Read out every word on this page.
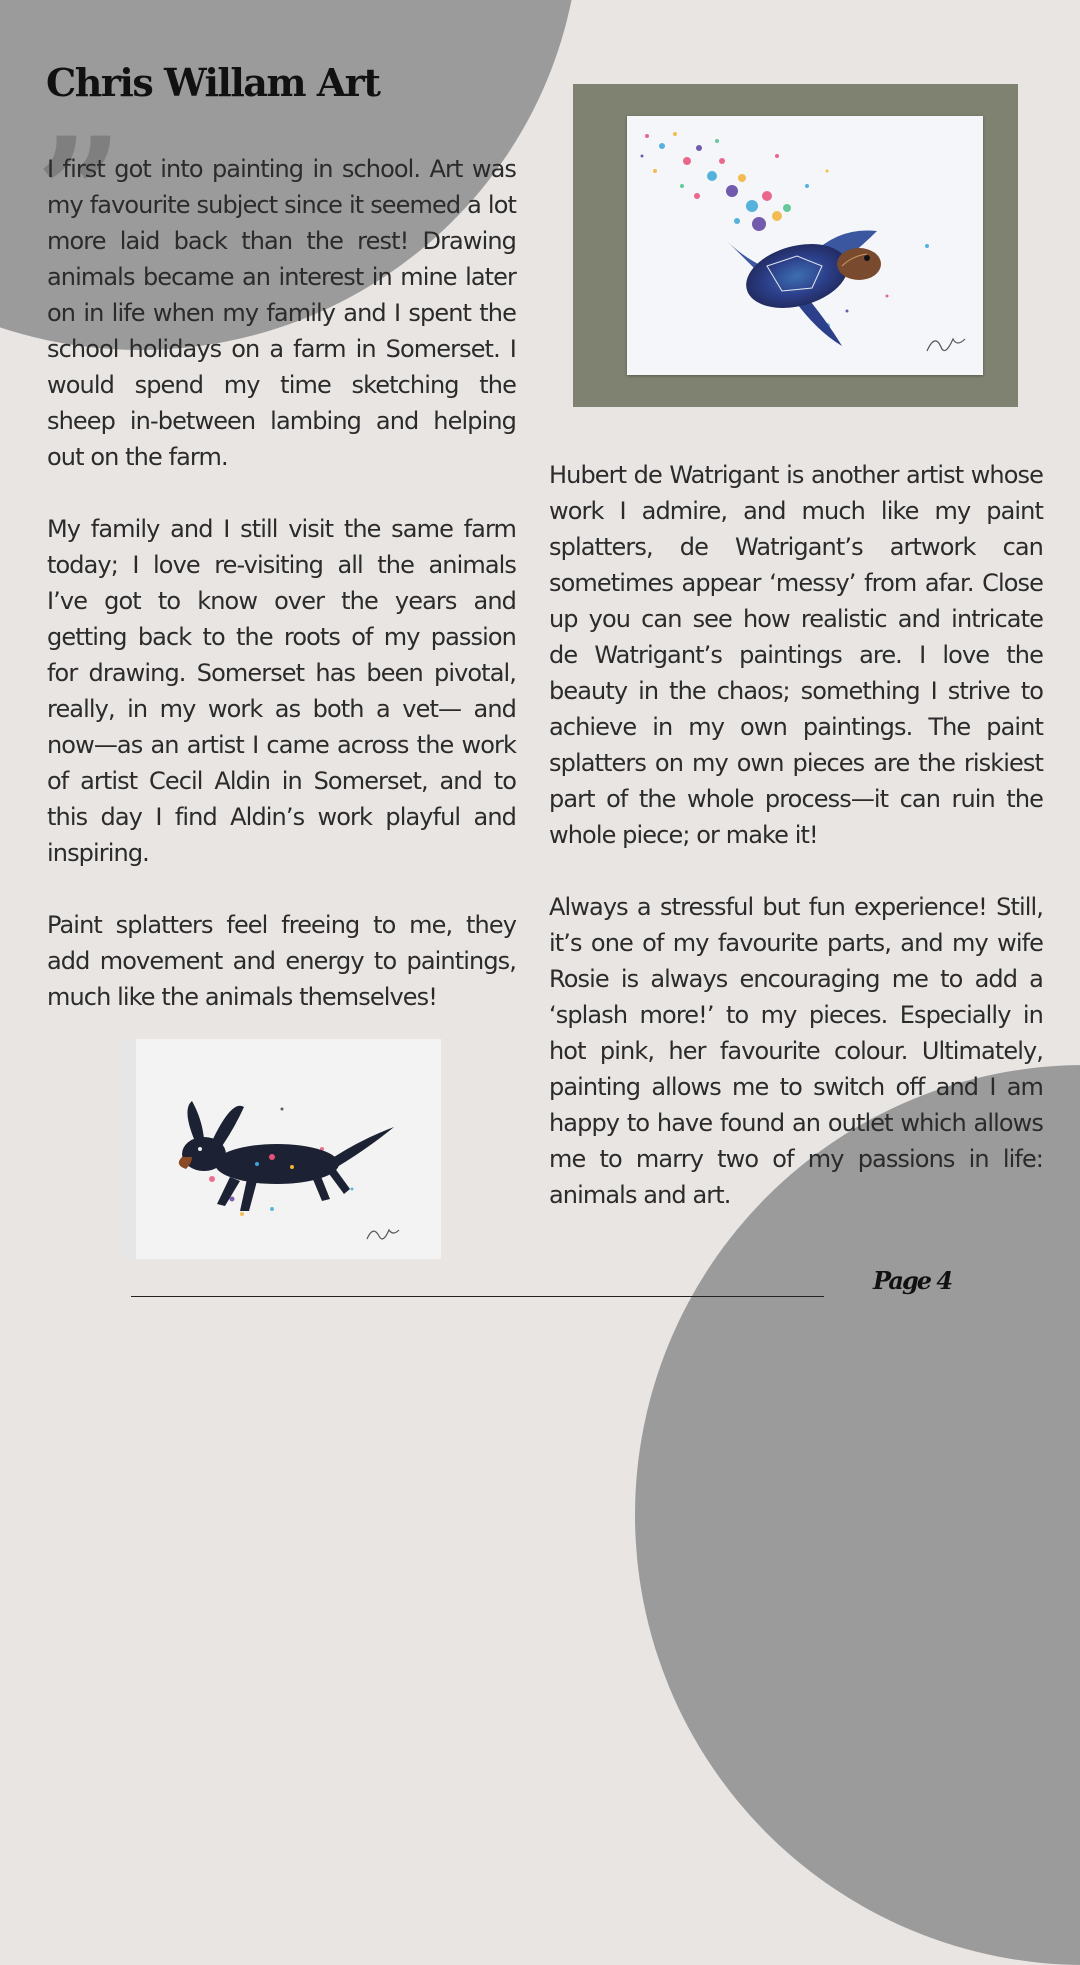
Chris Willam Art
”

I first got into painting in school. Art was my favourite subject since it seemed a lot more laid back than the rest! Drawing animals became an interest in mine later on in life when my family and I spent the school holidays on a farm in Somerset. I would spend my time sketching the sheep in-between lambing and helping out on the farm.

My family and I still visit the same farm today; I love re-visiting all the animals I’ve got to know over the years and getting back to the roots of my passion for drawing. Somerset has been pivotal, really, in my work as both a vet— and now—as an artist I came across the work of artist Cecil Aldin in Somerset, and to this day I find Aldin’s work playful and inspiring.

Paint splatters feel freeing to me, they add movement and energy to paintings, much like the animals themselves!

Hubert de Watrigant is another artist whose work I admire, and much like my paint splatters, de Watrigant’s artwork can sometimes appear ‘messy’ from afar. Close up you can see how realistic and intricate de Watrigant’s paintings are. I love the beauty in the chaos; something I strive to achieve in my own paintings. The paint splatters on my own pieces are the riskiest part of the whole process—it can ruin the whole piece; or make it!

Always a stressful but fun experience! Still, it’s one of my favourite parts, and my wife Rosie is always encouraging me to add a ‘splash more!’ to my pieces. Especially in hot pink, her favourite colour. Ultimately, painting allows me to switch off and I am happy to have found an outlet which allows me to marry two of my passions in life: animals and art.

Page 4
